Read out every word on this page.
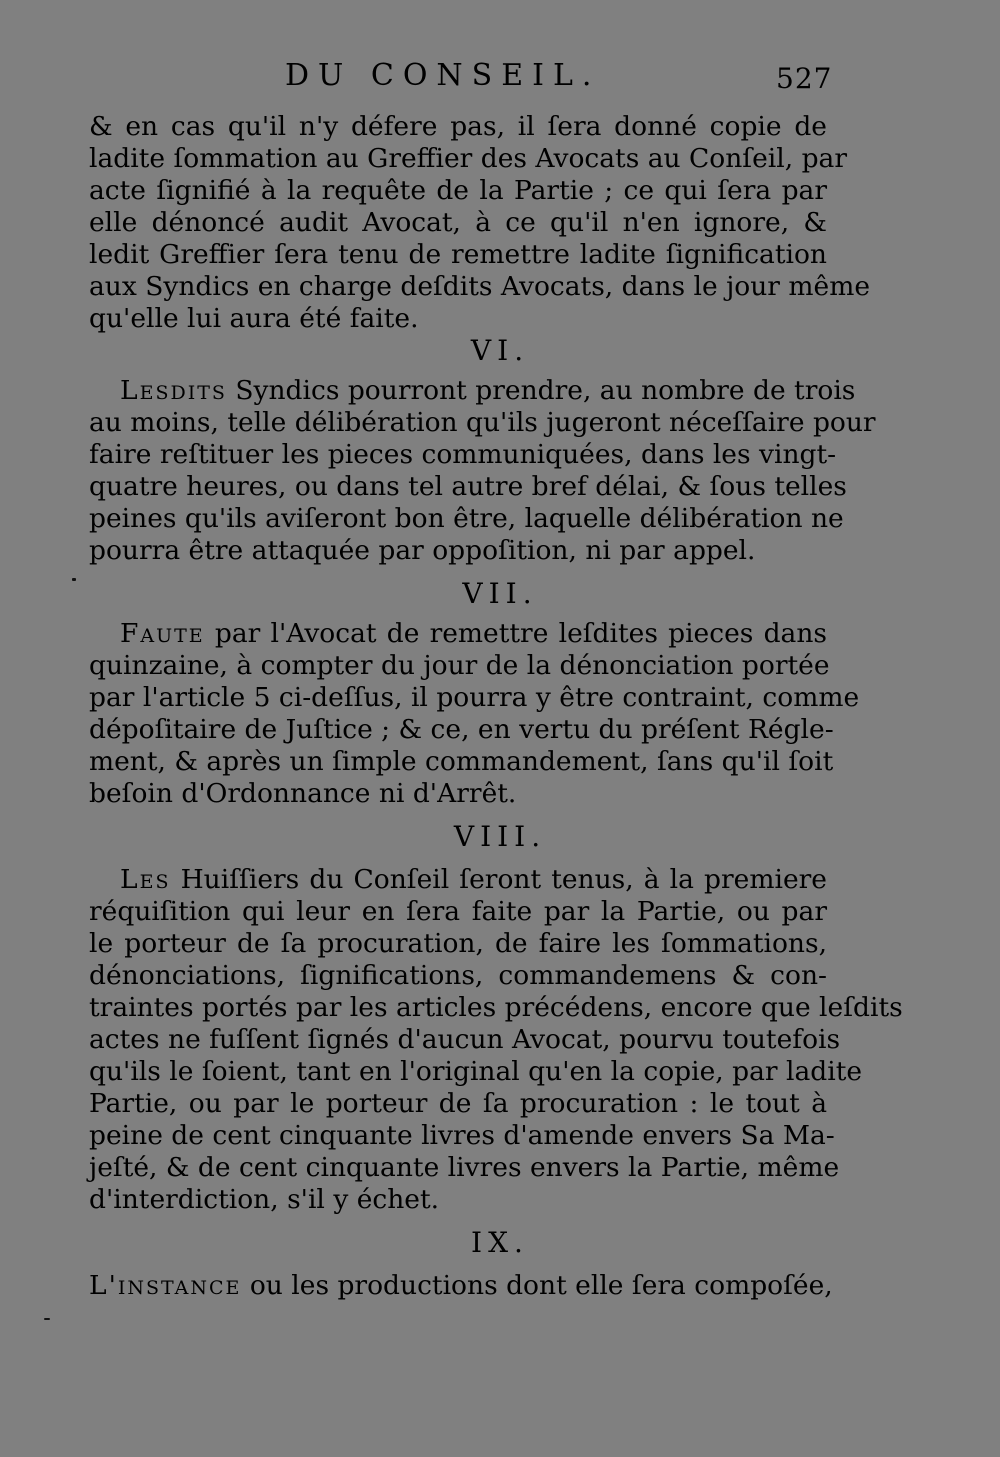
DU CONSEIL.	527
& en cas qu'il n'y défere pas, il ſera donné copie de
ladite ſommation au Greffier des Avocats au Conſeil, par
acte ſignifié à la requête de la Partie ; ce qui ſera par
elle dénoncé audit Avocat, à ce qu'il n'en ignore, &
ledit Greffier ſera tenu de remettre ladite ſignification
aux Syndics en charge deſdits Avocats, dans le jour même
qu'elle lui aura été faite.
VI.
Lesdits Syndics pourront prendre, au nombre de trois
au moins, telle délibération qu'ils jugeront néceſſaire pour
faire reſtituer les pieces communiquées, dans les vingt-
quatre heures, ou dans tel autre bref délai, & ſous telles
peines qu'ils aviſeront bon être, laquelle délibération ne
pourra être attaquée par oppoſition, ni par appel.
VII.
Faute par l'Avocat de remettre leſdites pieces dans
quinzaine, à compter du jour de la dénonciation portée
par l'article 5 ci-deſſus, il pourra y être contraint, comme
dépoſitaire de Juſtice ; & ce, en vertu du préſent Régle-
ment, & après un ſimple commandement, ſans qu'il ſoit
beſoin d'Ordonnance ni d'Arrêt.
VIII.
Les Huiſſiers du Conſeil ſeront tenus, à la premiere
réquiſition qui leur en ſera faite par la Partie, ou par
le porteur de ſa procuration, de faire les ſommations,
dénonciations, ſignifications, commandemens & con-
traintes portés par les articles précédens, encore que leſdits
actes ne fuſſent ſignés d'aucun Avocat, pourvu toutefois
qu'ils le ſoient, tant en l'original qu'en la copie, par ladite
Partie, ou par le porteur de ſa procuration : le tout à
peine de cent cinquante livres d'amende envers Sa Ma-
jeſté, & de cent cinquante livres envers la Partie, même
d'interdiction, s'il y échet.
IX.
L'instance ou les productions dont elle ſera compoſée,
